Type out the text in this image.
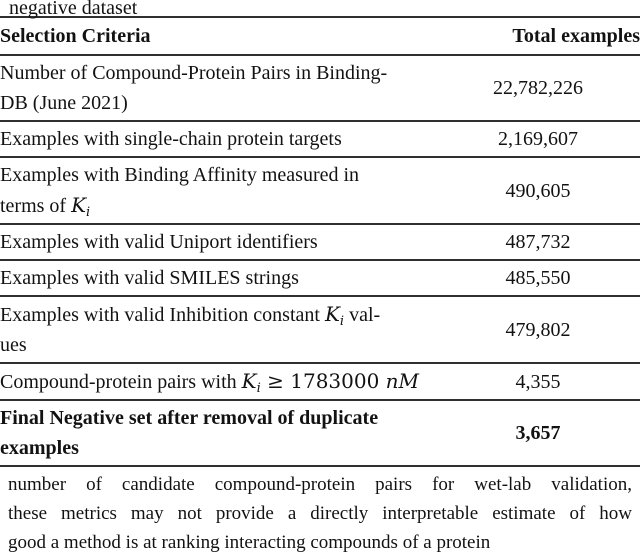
negative dataset
Selection Criteria	Total examples

Number of Compound-Protein Pairs in Binding-
DB (June 2021)	22,782,226

Examples with single-chain protein targets	2,169,607

Examples with Binding Affinity measured in
terms of $K_i$	490,605

Examples with valid Uniport identifiers	487,732

Examples with valid SMILES strings	485,550

Examples with valid Inhibition constant $K_i$ val-
ues	479,802

Compound-protein pairs with $K_i \ge 1783000$ nM	4,355

Final Negative set after removal of duplicate
examples	3,657
number of candidate compound-protein pairs for wet-lab validation,
these metrics may not provide a directly interpretable estimate of how
good a method is at ranking interacting compounds of a protein
